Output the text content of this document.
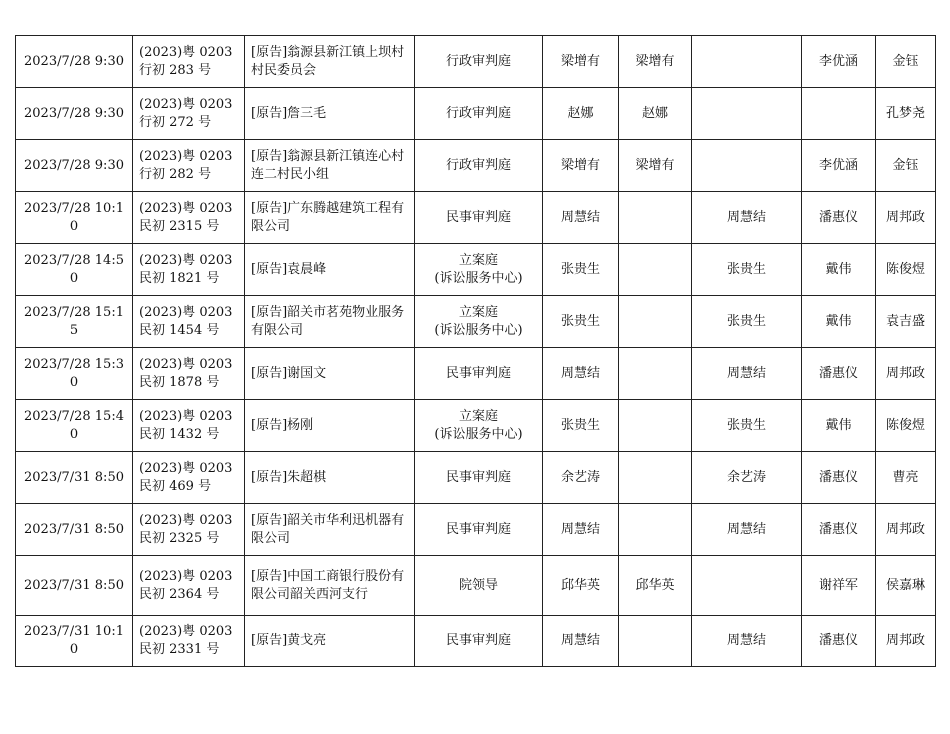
2023/7/28 9:30	(2023)粤 0203
行初 283 号	[原告]翁源县新江镇上坝村村民委员会	行政审判庭	梁增有	梁增有		李优涵	金钰
2023/7/28 9:30	(2023)粤 0203
行初 272 号	[原告]詹三毛	行政审判庭	赵娜	赵娜			孔梦尧
2023/7/28 9:30	(2023)粤 0203
行初 282 号	[原告]翁源县新江镇连心村连二村民小组	行政审判庭	梁增有	梁增有		李优涵	金钰
2023/7/28 10:10	(2023)粤 0203
民初 2315 号	[原告]广东腾越建筑工程有限公司	民事审判庭	周慧结		周慧结	潘惠仪	周邦政
2023/7/28 14:50	(2023)粤 0203
民初 1821 号	[原告]袁晨峰	立案庭
(诉讼服务中心)	张贵生		张贵生	戴伟	陈俊煜
2023/7/28 15:15	(2023)粤 0203
民初 1454 号	[原告]韶关市茗苑物业服务有限公司	立案庭
(诉讼服务中心)	张贵生		张贵生	戴伟	袁吉盛
2023/7/28 15:30	(2023)粤 0203
民初 1878 号	[原告]谢国文	民事审判庭	周慧结		周慧结	潘惠仪	周邦政
2023/7/28 15:40	(2023)粤 0203
民初 1432 号	[原告]杨刚	立案庭
(诉讼服务中心)	张贵生		张贵生	戴伟	陈俊煜
2023/7/31 8:50	(2023)粤 0203
民初 469 号	[原告]朱超棋	民事审判庭	余艺涛		余艺涛	潘惠仪	曹亮
2023/7/31 8:50	(2023)粤 0203
民初 2325 号	[原告]韶关市华利迅机器有限公司	民事审判庭	周慧结		周慧结	潘惠仪	周邦政
2023/7/31 8:50	(2023)粤 0203
民初 2364 号	[原告]中国工商银行股份有限公司韶关西河支行	院领导	邱华英	邱华英		谢祥军	侯嘉琳
2023/7/31 10:10	(2023)粤 0203
民初 2331 号	[原告]黄戈亮	民事审判庭	周慧结		周慧结	潘惠仪	周邦政
